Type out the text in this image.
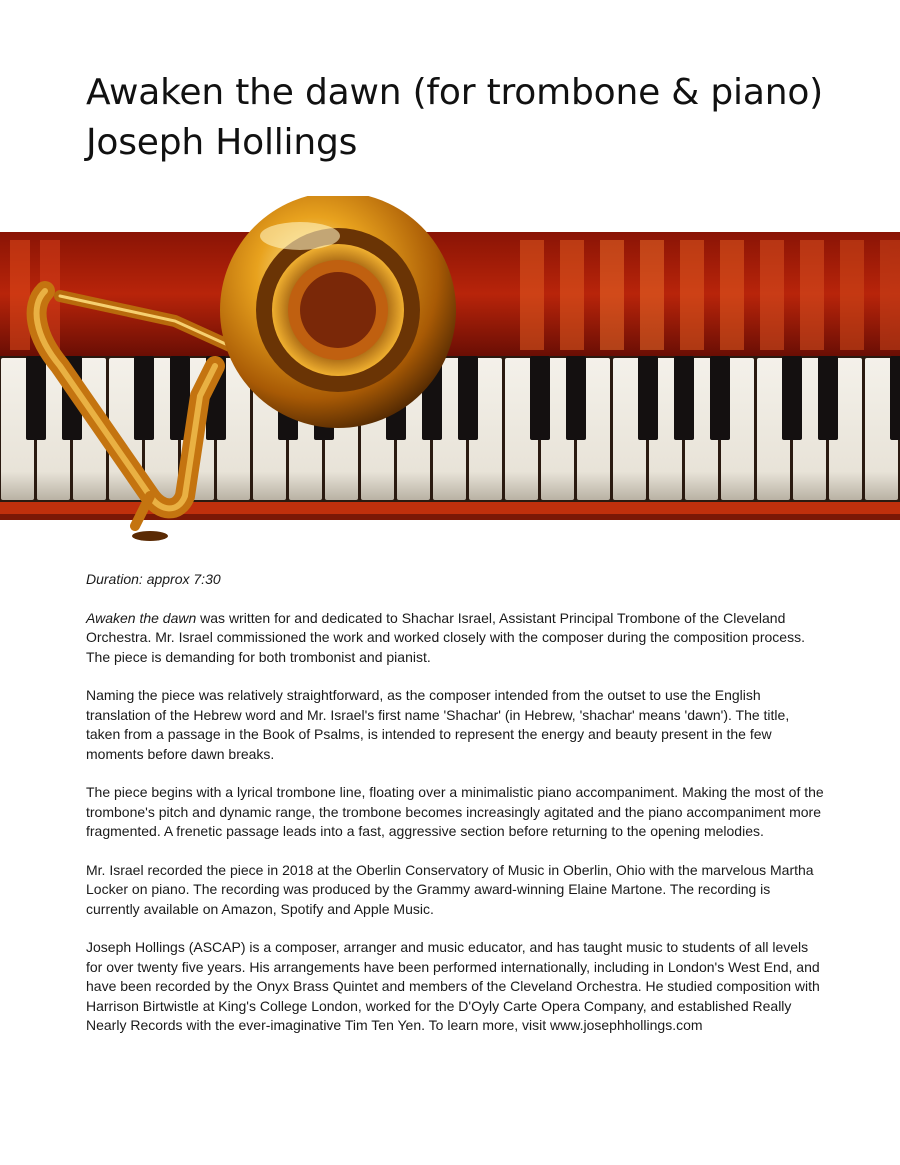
Awaken the dawn (for trombone & piano)
Joseph Hollings

Duration: approx 7:30

Awaken the dawn was written for and dedicated to Shachar Israel, Assistant Principal Trombone of the Cleveland Orchestra. Mr. Israel commissioned the work and worked closely with the composer during the composition process. The piece is demanding for both trombonist and pianist.

Naming the piece was relatively straightforward, as the composer intended from the outset to use the English translation of the Hebrew word and Mr. Israel's first name 'Shachar' (in Hebrew, 'shachar' means 'dawn'). The title, taken from a passage in the Book of Psalms, is intended to represent the energy and beauty present in the few moments before dawn breaks.

The piece begins with a lyrical trombone line, floating over a minimalistic piano accompaniment. Making the most of the trombone's pitch and dynamic range, the trombone becomes increasingly agitated and the piano accompaniment more fragmented. A frenetic passage leads into a fast, aggressive section before returning to the opening melodies.

Mr. Israel recorded the piece in 2018 at the Oberlin Conservatory of Music in Oberlin, Ohio with the marvelous Martha Locker on piano. The recording was produced by the Grammy award-winning Elaine Martone. The recording is currently available on Amazon, Spotify and Apple Music.

Joseph Hollings (ASCAP) is a composer, arranger and music educator, and has taught music to students of all levels for over twenty five years. His arrangements have been performed internationally, including in London's West End, and have been recorded by the Onyx Brass Quintet and members of the Cleveland Orchestra. He studied composition with Harrison Birtwistle at King's College London, worked for the D'Oyly Carte Opera Company, and established Really Nearly Records with the ever-imaginative Tim Ten Yen. To learn more, visit www.josephhollings.com
